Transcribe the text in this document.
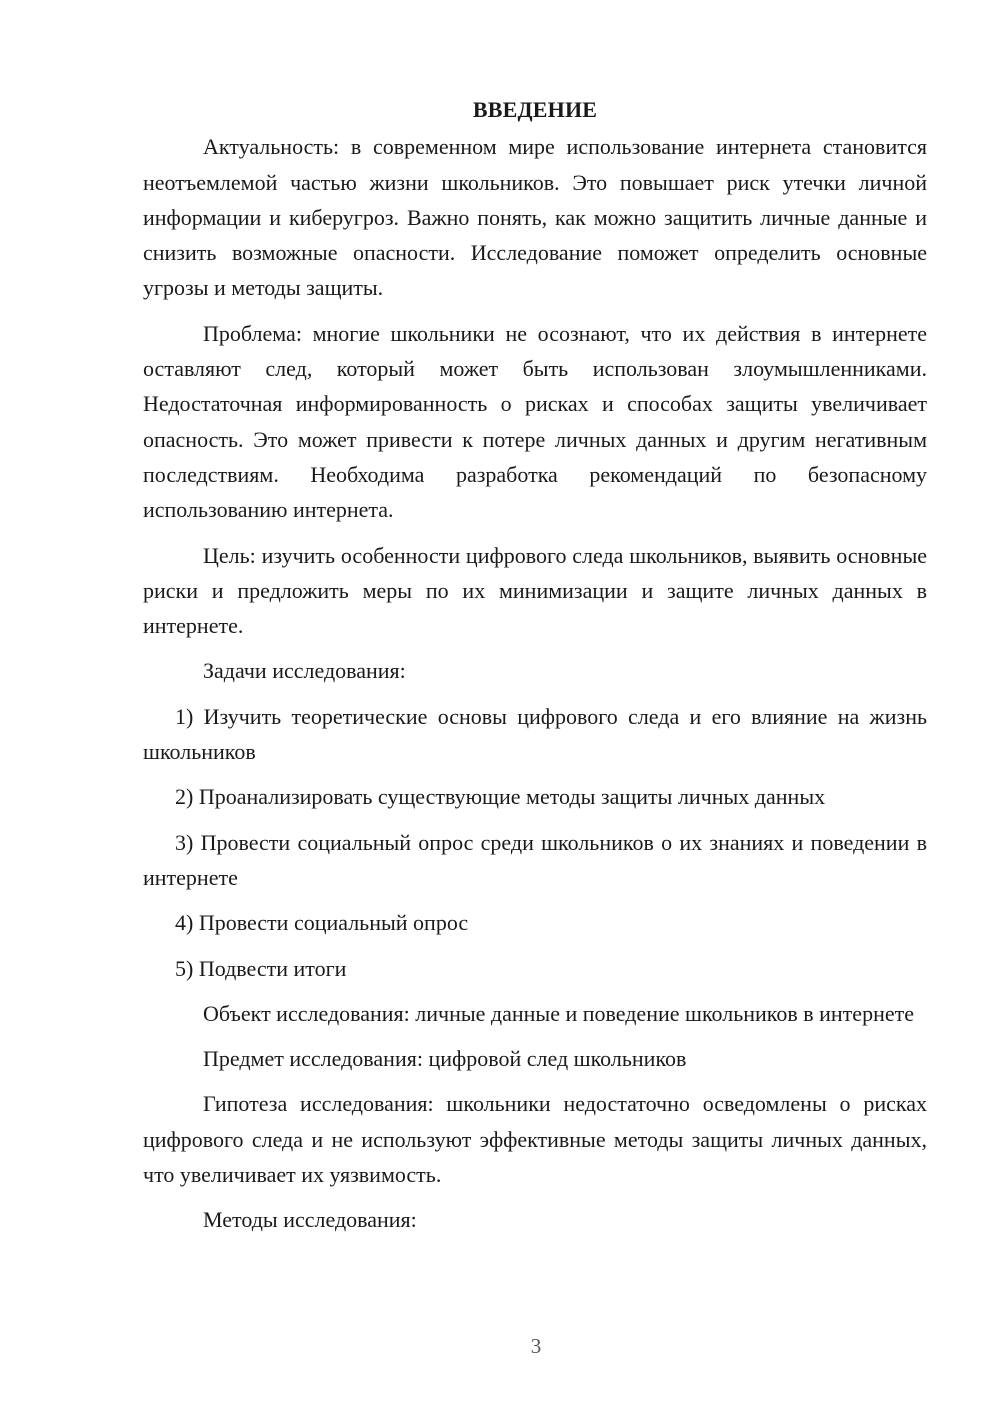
ВВЕДЕНИЕ

Актуальность: в современном мире использование интернета становится неотъемлемой частью жизни школьников. Это повышает риск утечки личной информации и киберугроз. Важно понять, как можно защитить личные данные и снизить возможные опасности. Исследование поможет определить основные угрозы и методы защиты.

Проблема: многие школьники не осознают, что их действия в интернете оставляют след, который может быть использован злоумышленниками. Недостаточная информированность о рисках и способах защиты увеличивает опасность. Это может привести к потере личных данных и другим негативным последствиям. Необходима разработка рекомендаций по безопасному использованию интернета.

Цель: изучить особенности цифрового следа школьников, выявить основные риски и предложить меры по их минимизации и защите личных данных в интернете.

Задачи исследования:

1) Изучить теоретические основы цифрового следа и его влияние на жизнь школьников

2) Проанализировать существующие методы защиты личных данных

3) Провести социальный опрос среди школьников о их знаниях и поведении в интернете

4) Провести социальный опрос

5) Подвести итоги

Объект исследования: личные данные и поведение школьников в интернете

Предмет исследования: цифровой след школьников

Гипотеза исследования: школьники недостаточно осведомлены о рисках цифрового следа и не используют эффективные методы защиты личных данных, что увеличивает их уязвимость.

Методы исследования:

3
